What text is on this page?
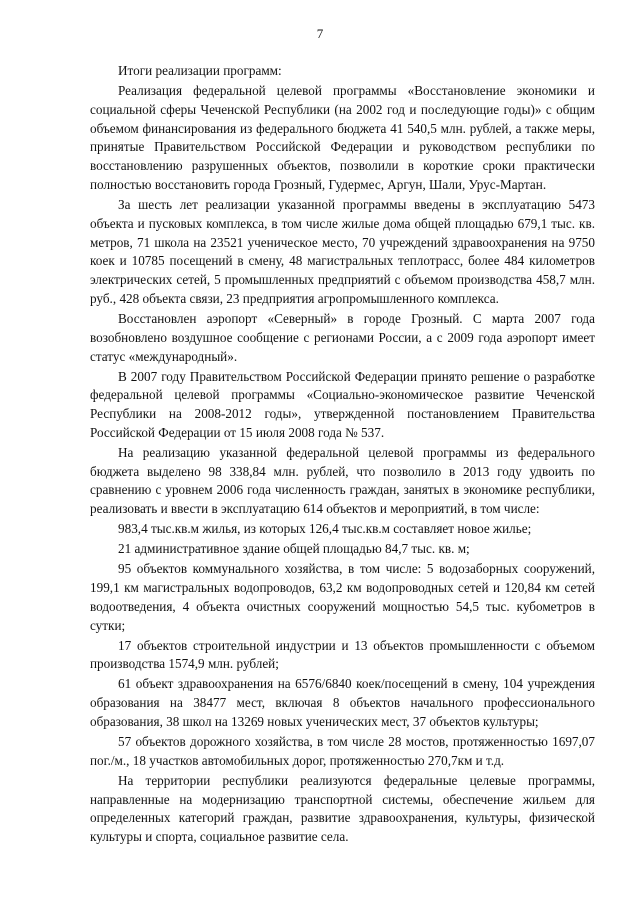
7

Итоги реализации программ:

Реализация федеральной целевой программы «Восстановление экономики и социальной сферы Чеченской Республики (на 2002 год и последующие годы)» с общим объемом финансирования из федерального бюджета 41 540,5 млн. рублей, а также меры, принятые Правительством Российской Федерации и руководством республики по восстановлению разрушенных объектов, позволили в короткие сроки практически полностью восстановить города Грозный, Гудермес, Аргун, Шали, Урус-Мартан.

За шесть лет реализации указанной программы введены в эксплуатацию 5473 объекта и пусковых комплекса, в том числе жилые дома общей площадью 679,1 тыс. кв. метров, 71 школа на 23521 ученическое место, 70 учреждений здравоохранения на 9750 коек и 10785 посещений в смену, 48 магистральных теплотрасс, более 484 километров электрических сетей, 5 промышленных предприятий с объемом производства 458,7 млн. руб., 428 объекта связи, 23 предприятия агропромышленного комплекса.

Восстановлен аэропорт «Северный» в городе Грозный. С марта 2007 года возобновлено воздушное сообщение с регионами России, а с 2009 года аэропорт имеет статус «международный».

В 2007 году Правительством Российской Федерации принято решение о разработке федеральной целевой программы «Социально-экономическое развитие Чеченской Республики на 2008-2012 годы», утвержденной постановлением Правительства Российской Федерации от 15 июля 2008 года № 537.

На реализацию указанной федеральной целевой программы из федерального бюджета выделено 98 338,84 млн. рублей, что позволило в 2013 году удвоить по сравнению с уровнем 2006 года численность граждан, занятых в экономике республики, реализовать и ввести в эксплуатацию 614 объектов и мероприятий, в том числе:

983,4 тыс.кв.м жилья, из которых 126,4 тыс.кв.м составляет новое жилье;

21 административное здание общей площадью 84,7 тыс. кв. м;

95 объектов коммунального хозяйства, в том числе: 5 водозаборных сооружений, 199,1 км магистральных водопроводов, 63,2 км водопроводных сетей и 120,84 км сетей водоотведения, 4 объекта очистных сооружений мощностью 54,5 тыс. кубометров в сутки;

17 объектов строительной индустрии и 13 объектов промышленности с объемом производства 1574,9 млн. рублей;

61 объект здравоохранения на 6576/6840 коек/посещений в смену, 104 учреждения образования на 38477 мест, включая 8 объектов начального профессионального образования, 38 школ на 13269 новых ученических мест, 37 объектов культуры;

57 объектов дорожного хозяйства, в том числе 28 мостов, протяженностью 1697,07 пог./м., 18 участков автомобильных дорог, протяженностью 270,7км и т.д.

На территории республики реализуются федеральные целевые программы, направленные на модернизацию транспортной системы, обеспечение жильем для определенных категорий граждан, развитие здравоохранения, культуры, физической культуры и спорта, социальное развитие села.
